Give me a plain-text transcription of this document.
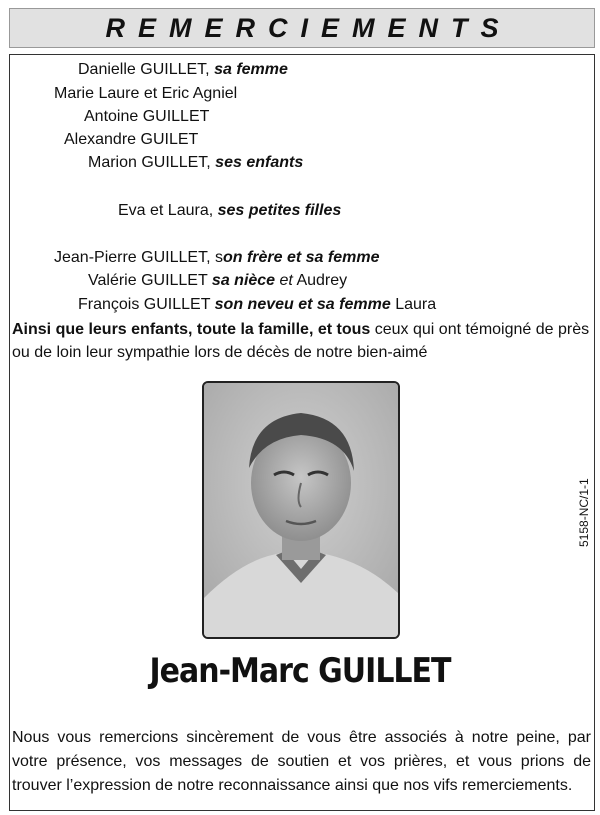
REMERCIEMENTS
Danielle GUILLET, sa femme
Marie Laure et Eric Agniel
Antoine GUILLET
Alexandre GUILET
Marion GUILLET, ses enfants
Eva et Laura, ses petites filles
Jean-Pierre GUILLET, son frère et sa femme
Valérie GUILLET sa nièce et Audrey
François GUILLET son neveu et sa femme Laura
Ainsi que leurs enfants, toute la famille, et tous ceux qui ont témoigné de près
ou de loin leur sympathie lors de décès de notre bien-aimé
5158-NC/1-1
Jean-Marc GUILLET
Nous vous remercions sincèrement de vous être associés à notre peine, par votre présence, vos messages de soutien et vos prières, et vous prions de trouver l’expression de notre reconnaissance ainsi que nos vifs remerciements.
